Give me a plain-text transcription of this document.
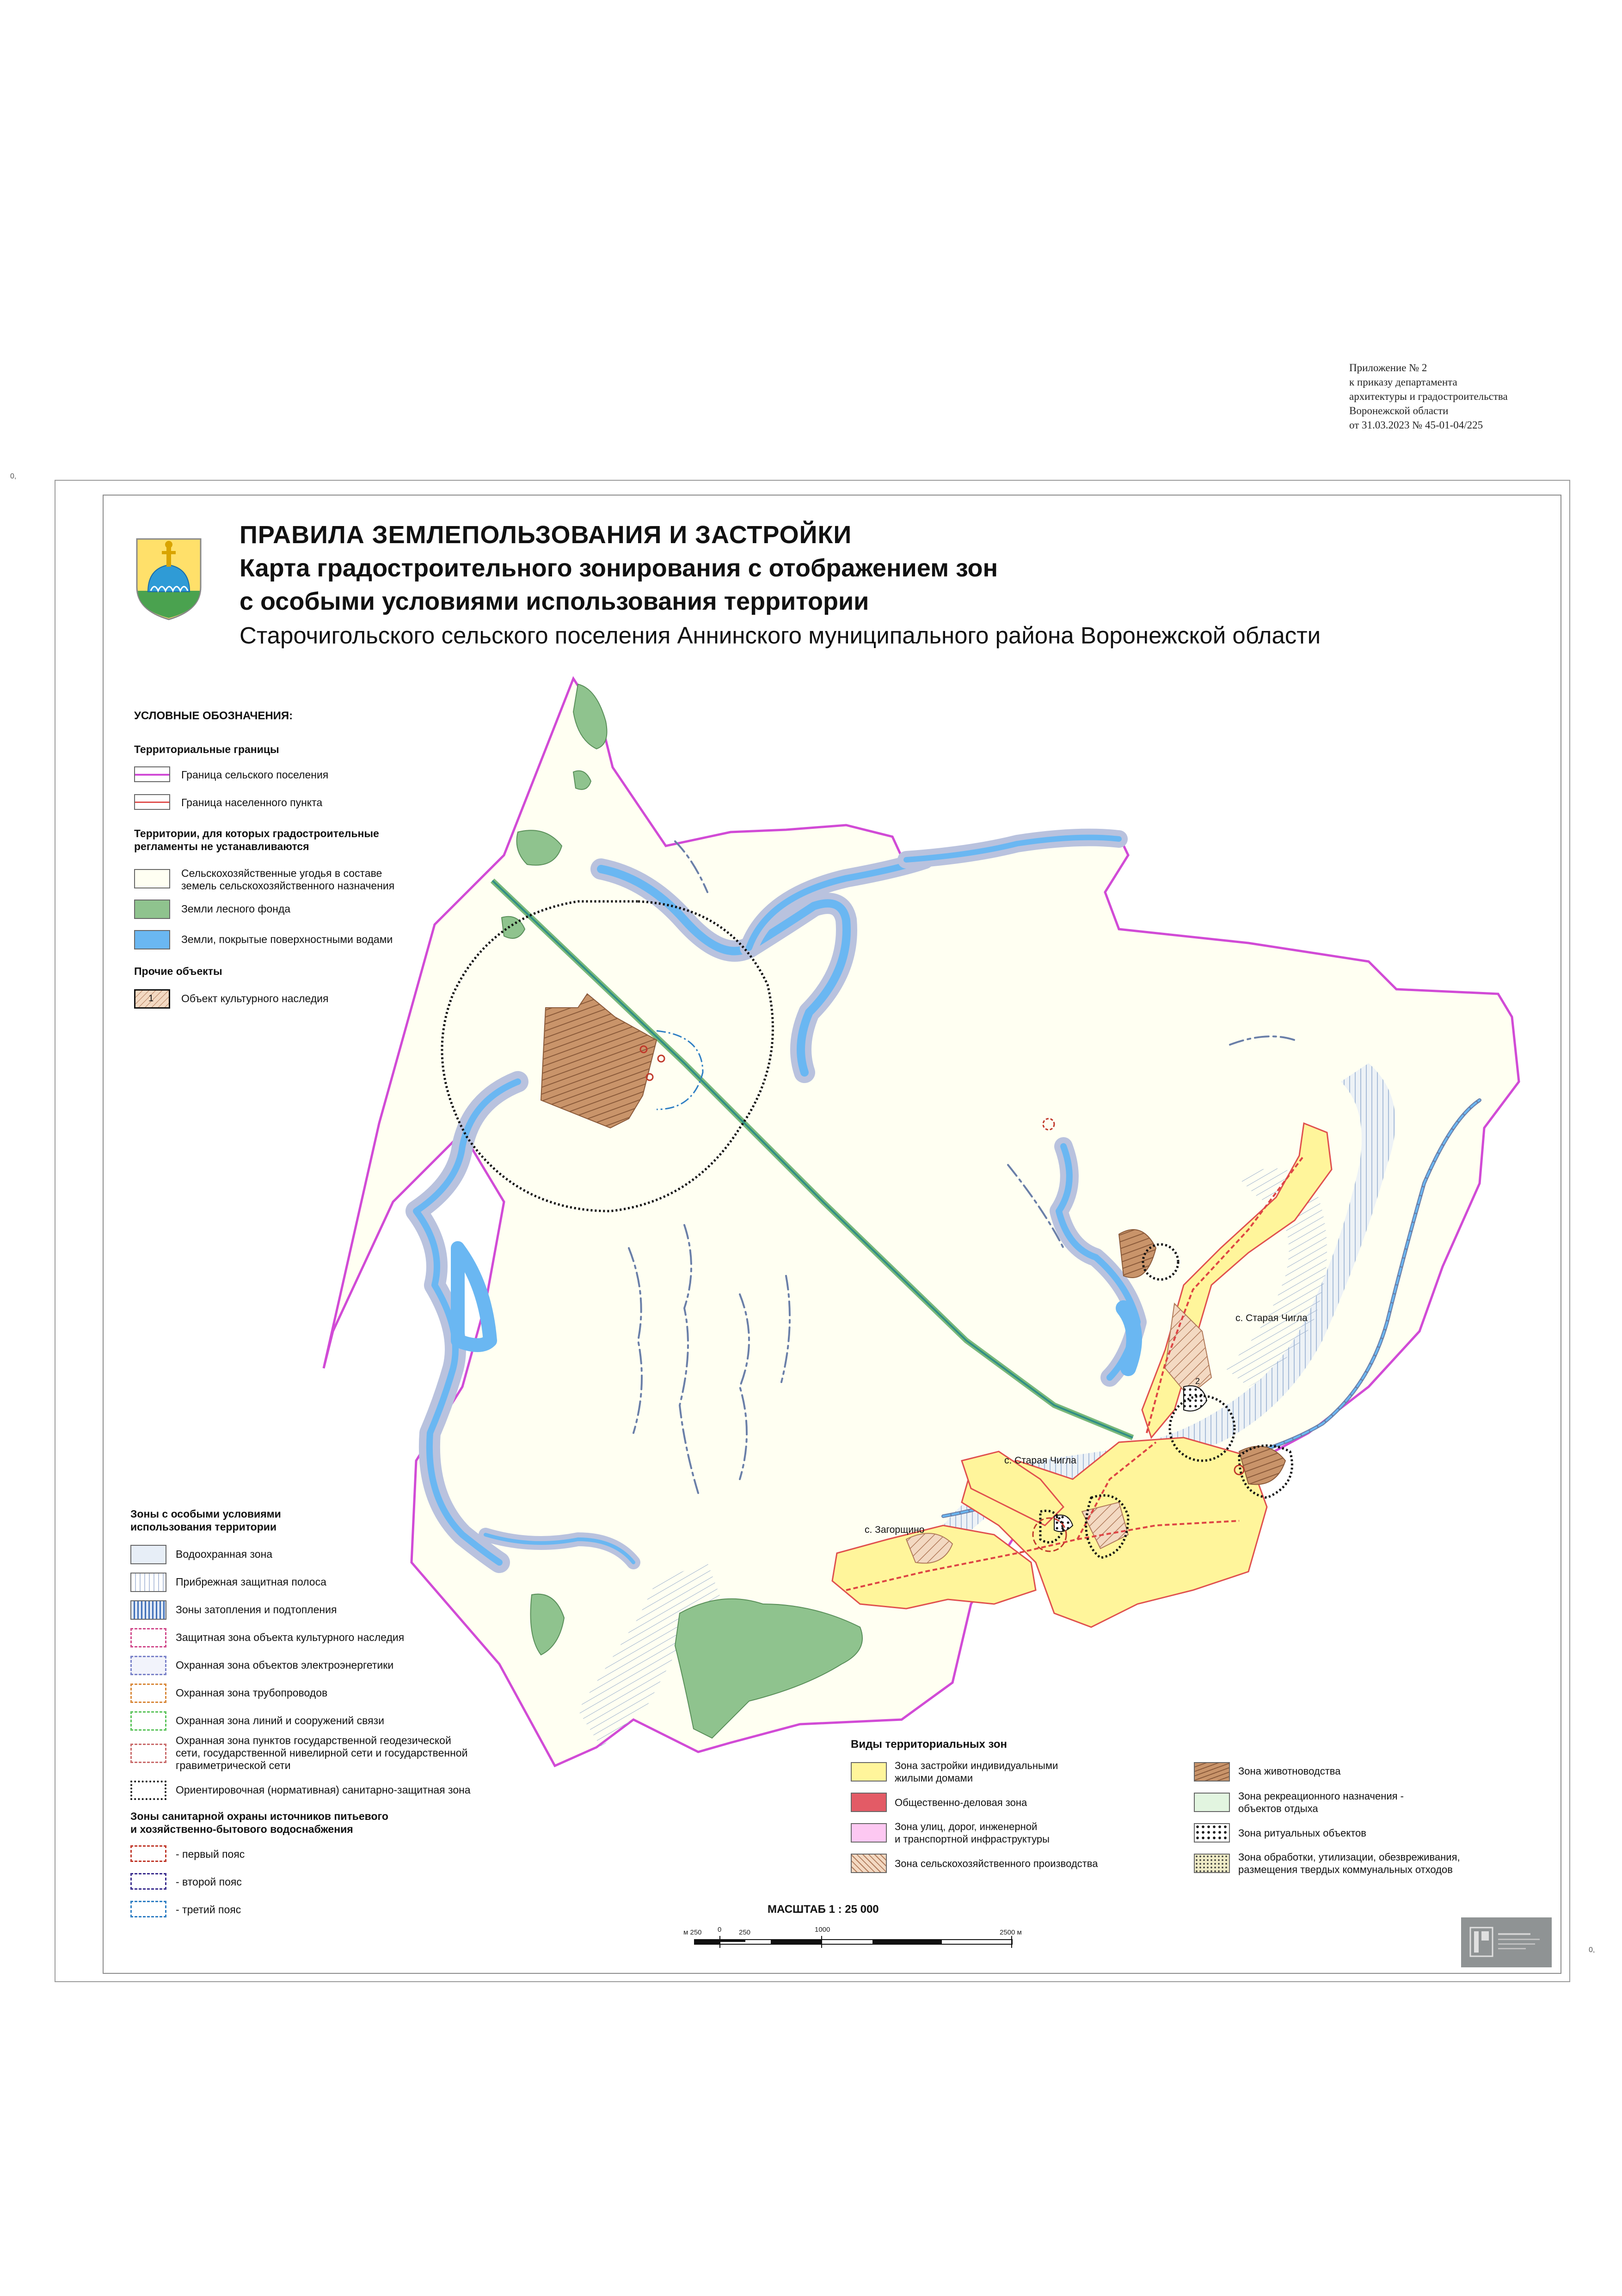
Приложение № 2
к приказу департамента
архитектуры и градостроительства
Воронежской области
от 31.03.2023 № 45-01-04/225
0,
0,
ПРАВИЛА ЗЕМЛЕПОЛЬЗОВАНИЯ И ЗАСТРОЙКИ
Карта градостроительного зонирования с отображением зон
с особыми условиями использования территории
Старочигольского сельского поселения Аннинского муниципального района Воронежской области
2
с. Старая Чигла
с. Старая Чигла
с. Загорщино
УСЛОВНЫЕ ОБОЗНАЧЕНИЯ:
Территориальные границы
Граница сельского поселения
Граница населенного пункта
Территории, для которых градостроительные
регламенты не устанавливаются
Сельскохозяйственные угодья в составе
земель сельскохозяйственного назначения
Земли лесного фонда
Земли, покрытые поверхностными водами
Прочие объекты
1	Объект культурного наследия
Зоны с особыми условиями
использования территории
Водоохранная зона
Прибрежная защитная полоса
Зоны затопления и подтопления
Защитная зона объекта культурного наследия
Охранная зона объектов электроэнергетики
Охранная зона трубопроводов
Охранная зона линий и сооружений связи
Охранная зона пунктов государственной геодезической
сети, государственной нивелирной сети и государственной
гравиметрической сети
Ориентировочная (нормативная) санитарно-защитная зона
Зоны санитарной охраны источников питьевого
и хозяйственно-бытового водоснабжения
- первый пояс
- второй пояс
- третий пояс
Виды территориальных зон
Зона застройки индивидуальными
жилыми домами
Общественно-деловая зона
Зона улиц, дорог, инженерной
и транспортной инфраструктуры
Зона сельскохозяйственного производства
Зона животноводства
Зона рекреационного назначения -
объектов отдыха
Зона ритуальных объектов
Зона обработки, утилизации, обезвреживания,
размещения твердых коммунальных отходов
МАСШТАБ 1 : 25 000
м 250 0	250	1000	2500 м
